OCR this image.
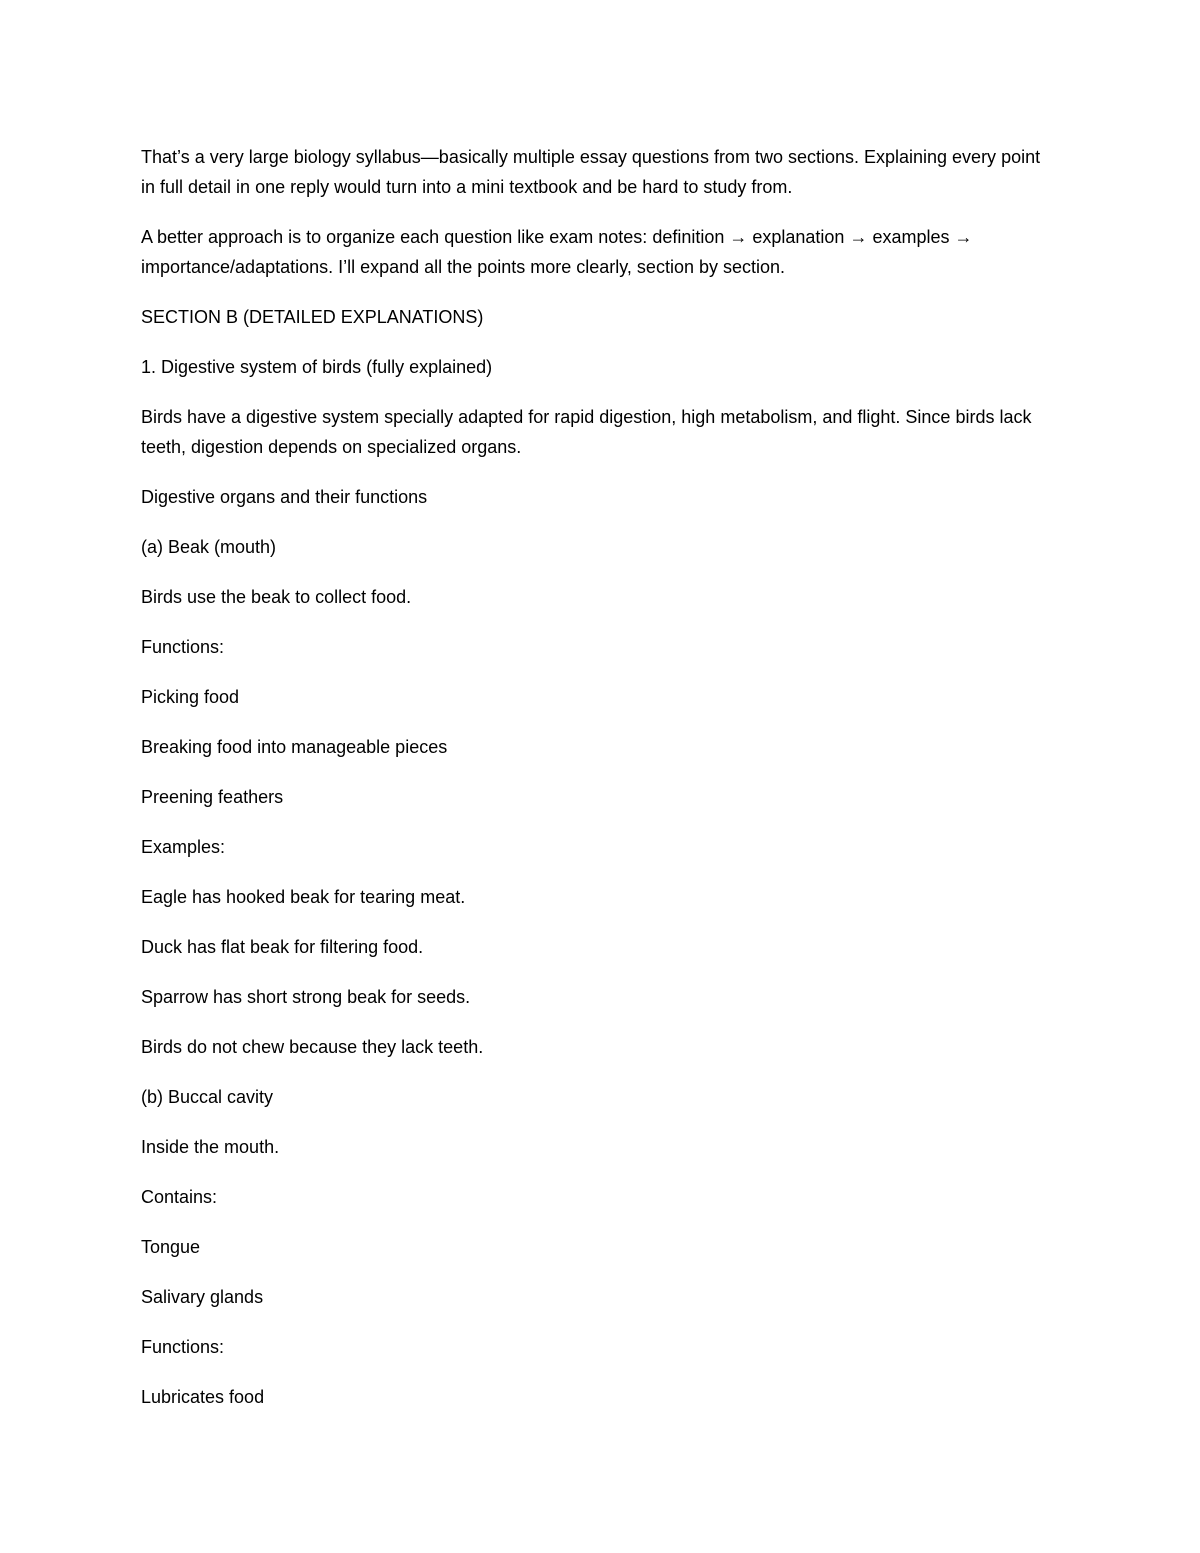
That’s a very large biology syllabus—basically multiple essay questions from two sections. Explaining every point in full detail in one reply would turn into a mini textbook and be hard to study from.

A better approach is to organize each question like exam notes: definition → explanation → examples → importance/adaptations. I’ll expand all the points more clearly, section by section.

SECTION B (DETAILED EXPLANATIONS)

1. Digestive system of birds (fully explained)

Birds have a digestive system specially adapted for rapid digestion, high metabolism, and flight. Since birds lack teeth, digestion depends on specialized organs.

Digestive organs and their functions

(a) Beak (mouth)

Birds use the beak to collect food.

Functions:

Picking food

Breaking food into manageable pieces

Preening feathers

Examples:

Eagle has hooked beak for tearing meat.

Duck has flat beak for filtering food.

Sparrow has short strong beak for seeds.

Birds do not chew because they lack teeth.

(b) Buccal cavity

Inside the mouth.

Contains:

Tongue

Salivary glands

Functions:

Lubricates food
